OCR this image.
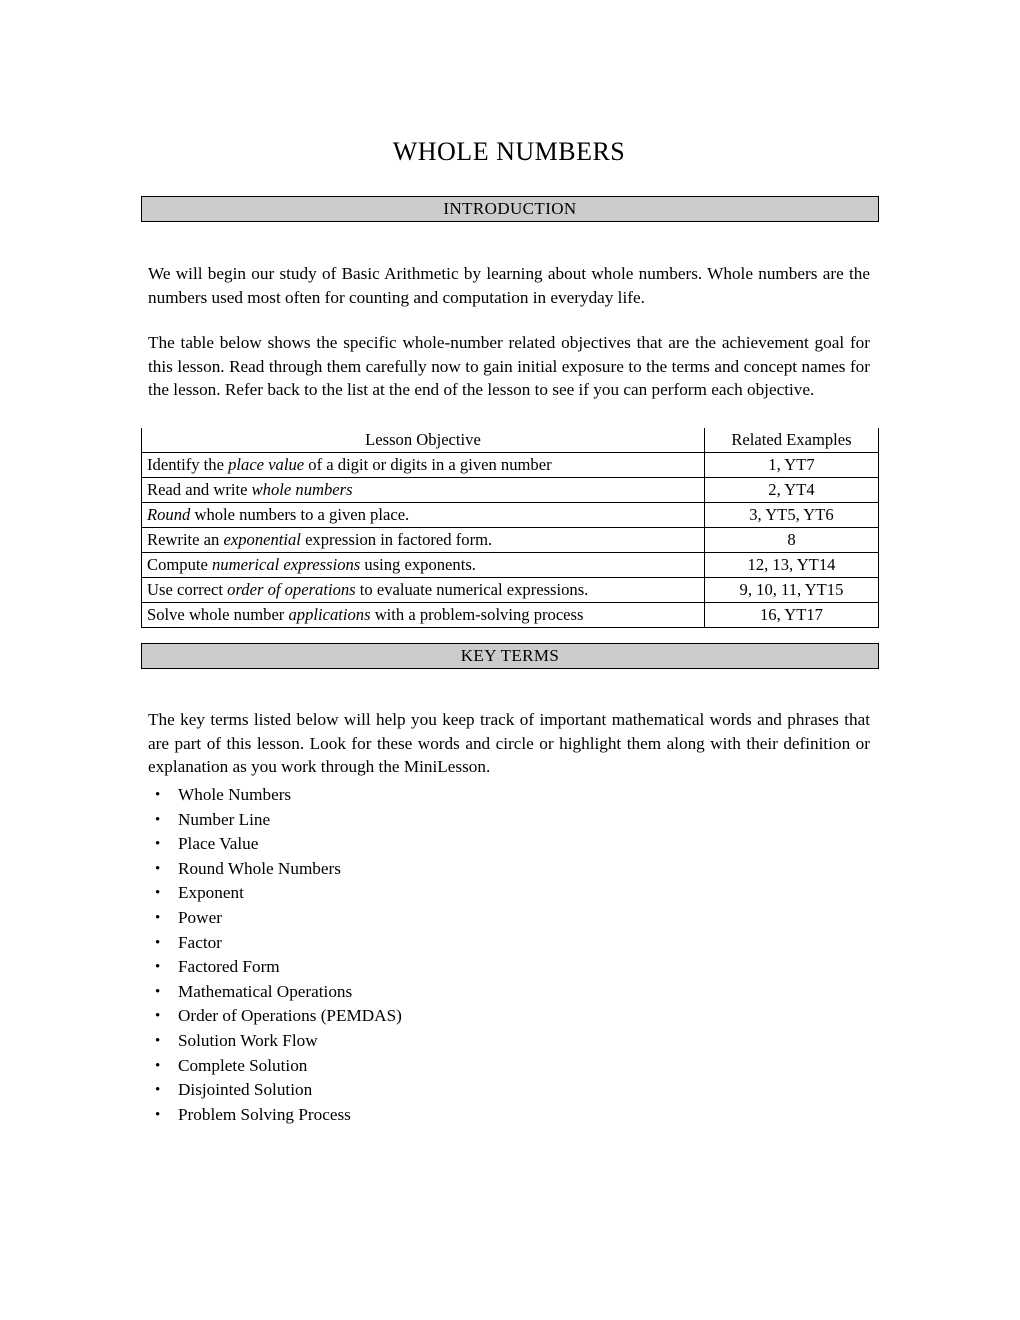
WHOLE NUMBERS
INTRODUCTION

We will begin our study of Basic Arithmetic by learning about whole numbers. Whole numbers are the numbers used most often for counting and computation in everyday life.

The table below shows the specific whole-number related objectives that are the achievement goal for this lesson. Read through them carefully now to gain initial exposure to the terms and concept names for the lesson. Refer back to the list at the end of the lesson to see if you can perform each objective.

Lesson Objective	Related Examples
Identify the place value of a digit or digits in a given number	1, YT7
Read and write whole numbers	2, YT4
Round whole numbers to a given place.	3, YT5, YT6
Rewrite an exponential expression in factored form.	8
Compute numerical expressions using exponents.	12, 13, YT14
Use correct order of operations to evaluate numerical expressions.	9, 10, 11, YT15
Solve whole number applications with a problem-solving process	16, YT17
KEY TERMS

The key terms listed below will help you keep track of important mathematical words and phrases that are part of this lesson. Look for these words and circle or highlight them along with their definition or explanation as you work through the MiniLesson.

• Whole Numbers
• Number Line
• Place Value
• Round Whole Numbers
• Exponent
• Power
• Factor
• Factored Form
• Mathematical Operations
• Order of Operations (PEMDAS)
• Solution Work Flow
• Complete Solution
• Disjointed Solution
• Problem Solving Process
